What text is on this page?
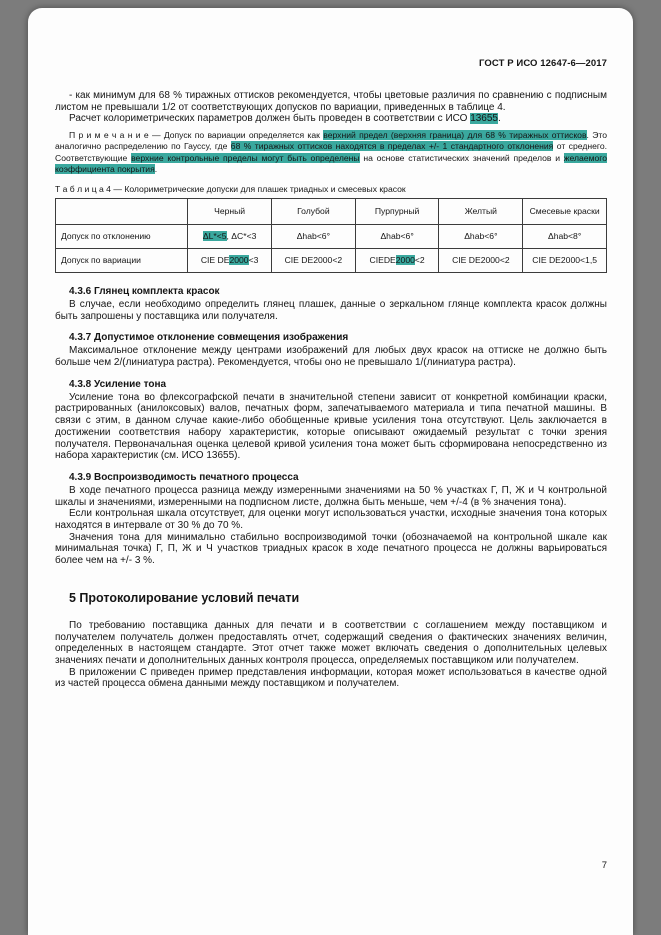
ГОСТ Р ИСО 12647-6—2017

- как минимум для 68 % тиражных оттисков рекомендуется, чтобы цветовые различия по сравнению с подписным листом не превышали 1/2 от соответствующих допусков по вариации, приведенных в таблице 4.

Расчет колориметрических параметров должен быть проведен в соответствии с ИСО 13655.

П р и м е ч а н и е — Допуск по вариации определяется как верхний предел (верхняя граница) для 68 % тиражных оттисков. Это аналогично распределению по Гауссу, где 68 % тиражных оттисков находятся в пределах +/- 1 стандартного отклонения от среднего. Соответствующие верхние контрольные пределы могут быть определены на основе статистических значений пределов и желаемого коэффициента покрытия.

Т а б л и ц а 4 — Колориметрические допуски для плашек триадных и смесевых красок

	Черный	Голубой	Пурпурный	Желтый	Смесевые краски
Допуск по отклонению	ΔL*<5, ΔC*<3	Δhab<6°	Δhab<6°	Δhab<6°	Δhab<8°
Допуск по вариации	CIE DE2000<3	CIE DE2000<2	CIEDE2000<2	CIE DE2000<2	CIE DE2000<1,5
4.3.6 Глянец комплекта красок

В случае, если необходимо определить глянец плашек, данные о зеркальном глянце комплекта красок должны быть запрошены у поставщика или получателя.

4.3.7 Допустимое отклонение совмещения изображения

Максимальное отклонение между центрами изображений для любых двух красок на оттиске не должно быть больше чем 2/(линиатура растра). Рекомендуется, чтобы оно не превышало 1/(линиатура растра).

4.3.8 Усиление тона

Усиление тона во флексографской печати в значительной степени зависит от конкретной комбинации краски, растрированных (анилоксовых) валов, печатных форм, запечатываемого материала и типа печатной машины. В связи с этим, в данном случае какие-либо обобщенные кривые усиления тона отсутствуют. Цель заключается в достижении соответствия набору характеристик, которые описывают ожидаемый результат с точки зрения получателя. Первоначальная оценка целевой кривой усиления тона может быть сформирована непосредственно из набора характеристик (см. ИСО 13655).

4.3.9 Воспроизводимость печатного процесса

В ходе печатного процесса разница между измеренными значениями на 50 % участках Г, П, Ж и Ч контрольной шкалы и значениями, измеренными на подписном листе, должна быть меньше, чем +/-4 (в % значения тона).

Если контрольная шкала отсутствует, для оценки могут использоваться участки, исходные значения тона которых находятся в интервале от 30 % до 70 %.

Значения тона для минимально стабильно воспроизводимой точки (обозначаемой на контрольной шкале как минимальная точка) Г, П, Ж и Ч участков триадных красок в ходе печатного процесса не должны варьироваться более чем на +/- 3 %.

5 Протоколирование условий печати

По требованию поставщика данных для печати и в соответствии с соглашением между поставщиком и получателем получатель должен предоставлять отчет, содержащий сведения о фактических значениях величин, определенных в настоящем стандарте. Этот отчет также может включать сведения о дополнительных целевых значениях печати и дополнительных данных контроля процесса, определяемых поставщиком или получателем.

В приложении С приведен пример представления информации, которая может использоваться в качестве одной из частей процесса обмена данными между поставщиком и получателем.

7
